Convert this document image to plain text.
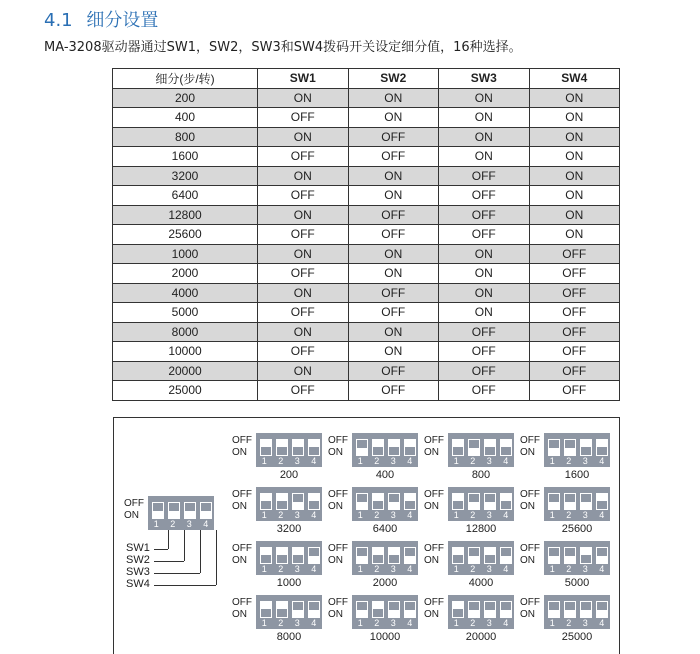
4.1 细分设置
MA-3208驱动器通过SW1，SW2，SW3和SW4拨码开关设定细分值，16种选择。
细分(步/转)	SW1	SW2	SW3	SW4
200	ON	ON	ON	ON
400	OFF	ON	ON	ON
800	ON	OFF	ON	ON
1600	OFF	OFF	ON	ON
3200	ON	ON	OFF	ON
6400	OFF	ON	OFF	ON
12800	ON	OFF	OFF	ON
25600	OFF	OFF	OFF	ON
1000	ON	ON	ON	OFF
2000	OFF	ON	ON	OFF
4000	ON	OFF	ON	OFF
5000	OFF	OFF	ON	OFF
8000	ON	ON	OFF	OFF
10000	OFF	ON	OFF	OFF
20000	ON	OFF	OFF	OFF
25000	OFF	OFF	OFF	OFF
OFF
ON
1 2 3 4
OFF
ON
1 2 3 4
200
OFF
ON
1 2 3 4
400
OFF
ON
1 2 3 4
800
OFF
ON
1 2 3 4
1600
OFF
ON
1 2 3 4
3200
OFF
ON
1 2 3 4
6400
OFF
ON
1 2 3 4
12800
OFF
ON
1 2 3 4
25600
OFF
ON
1 2 3 4
1000
OFF
ON
1 2 3 4
2000
OFF
ON
1 2 3 4
4000
OFF
ON
1 2 3 4
5000
OFF
ON
1 2 3 4
8000
OFF
ON
1 2 3 4
10000
OFF
ON
1 2 3 4
20000
OFF
ON
1 2 3 4
25000
SW1
SW2
SW3
SW4
